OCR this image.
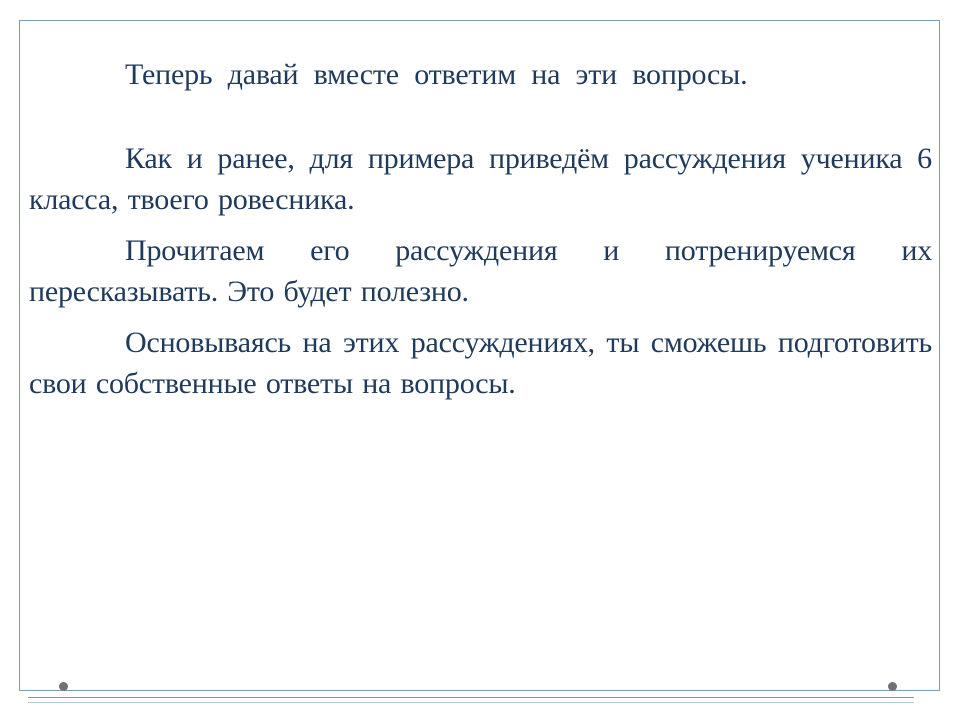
Теперь давай вместе ответим на эти вопросы.

Как и ранее, для примера приведём рассуждения ученика 6 класса, твоего ровесника.

Прочитаем его рассуждения и потренируемся их пересказывать. Это будет полезно.

Основываясь на этих рассуждениях, ты сможешь подготовить свои собственные ответы на вопросы.
